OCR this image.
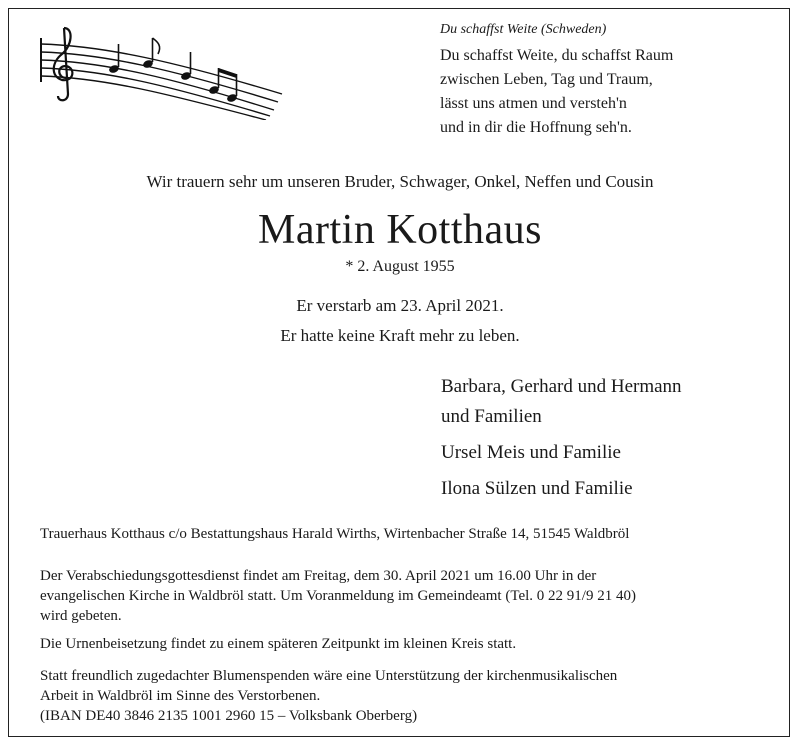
Du schaffst Weite (Schweden)
Du schaffst Weite, du schaffst Raum
zwischen Leben, Tag und Traum,
lässt uns atmen und versteh'n
und in dir die Hoffnung seh'n.
Wir trauern sehr um unseren Bruder, Schwager, Onkel, Neffen und Cousin
Martin Kotthaus
* 2. August 1955
Er verstarb am 23. April 2021.
Er hatte keine Kraft mehr zu leben.
Barbara, Gerhard und Hermann
und Familien
Ursel Meis und Familie
Ilona Sülzen und Familie
Trauerhaus Kotthaus c/o Bestattungshaus Harald Wirths, Wirtenbacher Straße 14, 51545 Waldbröl
Der Verabschiedungsgottesdienst findet am Freitag, dem 30. April 2021 um 16.00 Uhr in der
evangelischen Kirche in Waldbröl statt. Um Voranmeldung im Gemeindeamt (Tel. 0 22 91/9 21 40)
wird gebeten.
Die Urnenbeisetzung findet zu einem späteren Zeitpunkt im kleinen Kreis statt.
Statt freundlich zugedachter Blumenspenden wäre eine Unterstützung der kirchenmusikalischen
Arbeit in Waldbröl im Sinne des Verstorbenen.
(IBAN DE40 3846 2135 1001 2960 15 – Volksbank Oberberg)
